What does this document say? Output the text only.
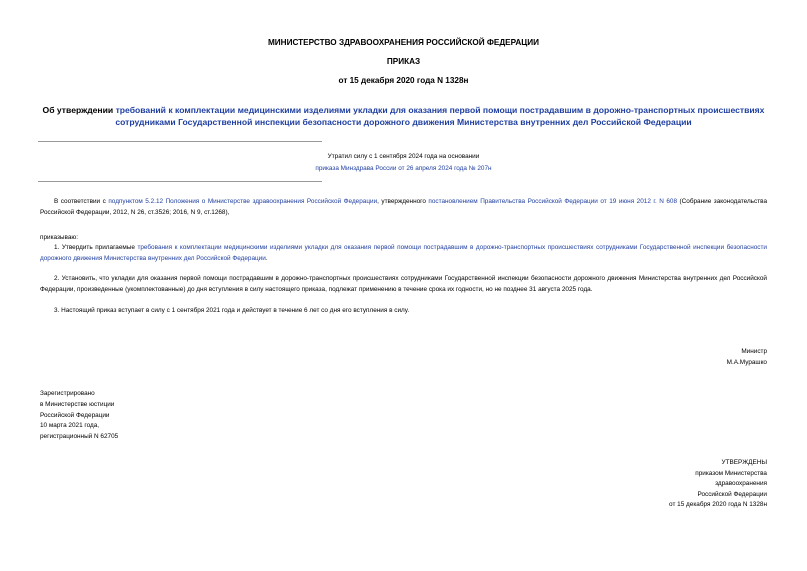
МИНИСТЕРСТВО ЗДРАВООХРАНЕНИЯ РОССИЙСКОЙ ФЕДЕРАЦИИ
ПРИКАЗ
от 15 декабря 2020 года N 1328н
Об утверждении требований к комплектации медицинскими изделиями укладки для оказания первой помощи пострадавшим в дорожно-транспортных происшествиях сотрудниками Государственной инспекции безопасности дорожного движения Министерства внутренних дел Российской Федерации
Утратил силу с 1 сентября 2024 года на основании
приказа Минздрава России от 26 апреля 2024 года № 207н
В соответствии с подпунктом 5.2.12 Положения о Министерстве здравоохранения Российской Федерации, утвержденного постановлением Правительства Российской Федерации от 19 июня 2012 г. N 608 (Собрание законодательства Российской Федерации, 2012, N 26, ст.3526; 2016, N 9, ст.1268),
приказываю:
1. Утвердить прилагаемые требования к комплектации медицинскими изделиями укладки для оказания первой помощи пострадавшим в дорожно-транспортных происшествиях сотрудниками Государственной инспекции безопасности дорожного движения Министерства внутренних дел Российской Федерации.
2. Установить, что укладки для оказания первой помощи пострадавшим в дорожно-транспортных происшествиях сотрудниками Государственной инспекции безопасности дорожного движения Министерства внутренних дел Российской Федерации, произведенные (укомплектованные) до дня вступления в силу настоящего приказа, подлежат применению в течение срока их годности, но не позднее 31 августа 2025 года.
3. Настоящий приказ вступает в силу с 1 сентября 2021 года и действует в течение 6 лет со дня его вступления в силу.
Министр
М.А.Мурашко
Зарегистрировано
в Министерстве юстиции
Российской Федерации
10 марта 2021 года,
регистрационный N 62705
УТВЕРЖДЕНЫ
приказом Министерства
здравоохранения
Российской Федерации
от 15 декабря 2020 года N 1328н
